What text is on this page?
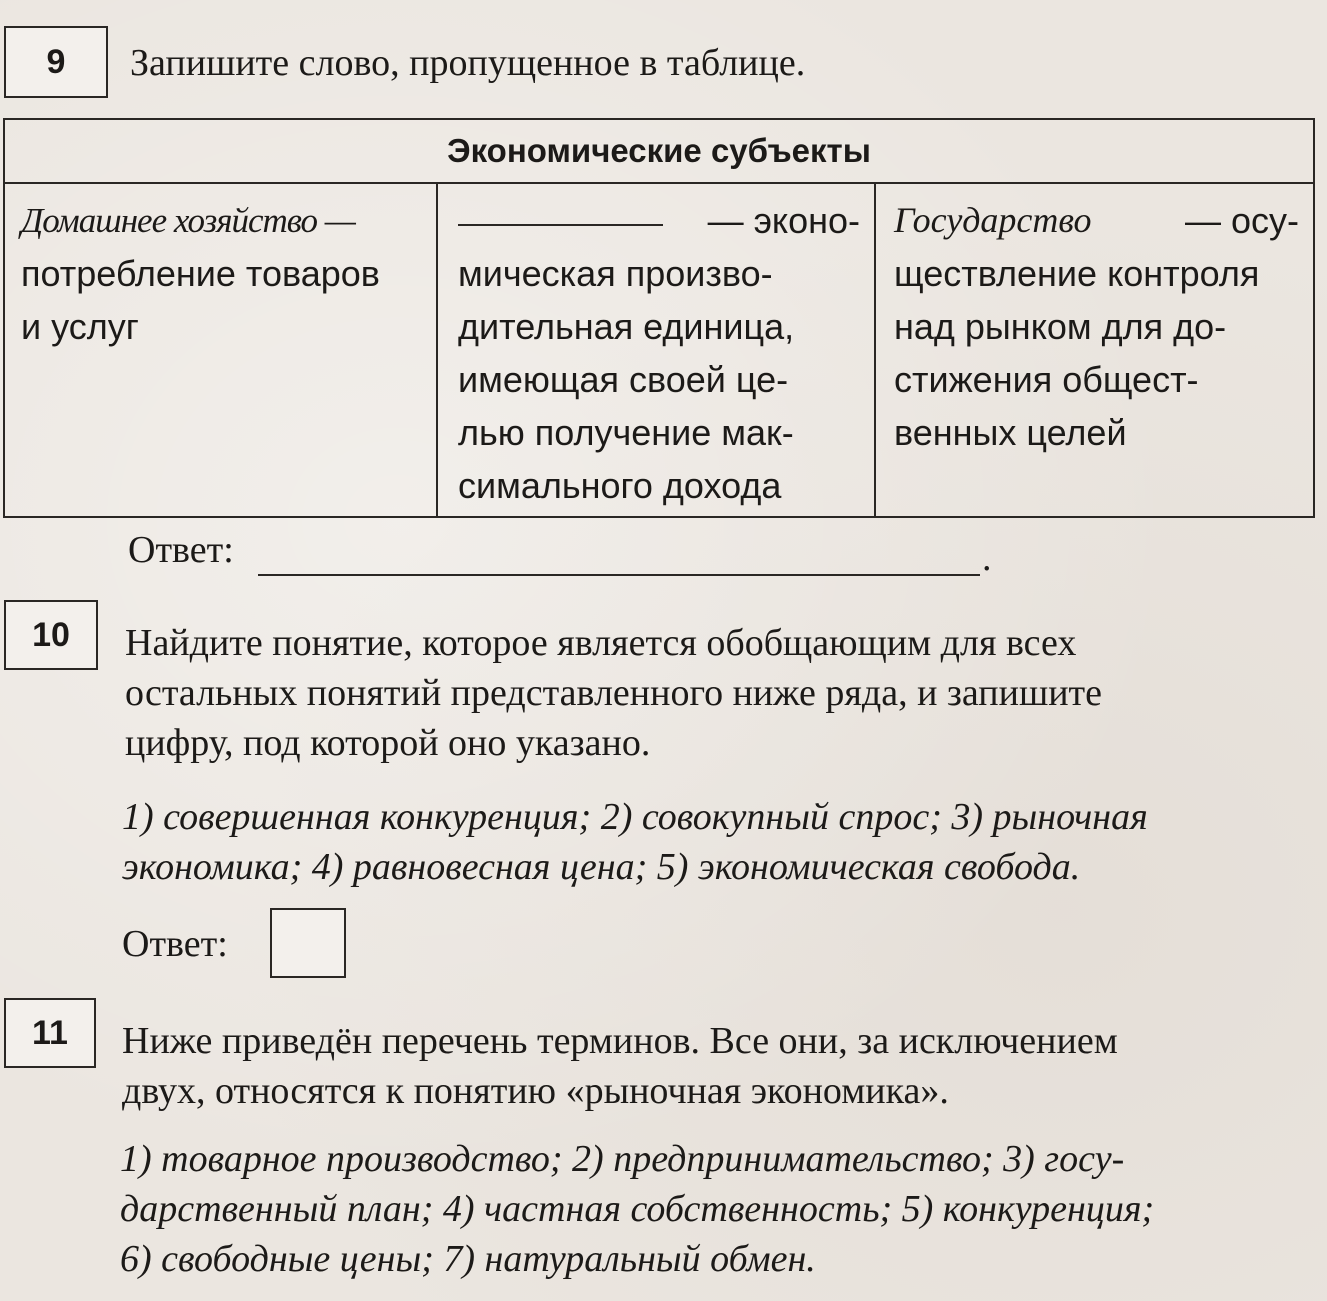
9	Запишите слово, пропущенное в таблице.
Экономические субъекты

Домашнее хозяйство —
потребление товаров
и услуг

— эконо-
мическая произво-
дительная единица,
имеющая своей це-
лью получение мак-
симального дохода

Государство	— осу-
ществление контроля
над рынком для до-
стижения общест-
венных целей
Ответ:	.
10	Найдите понятие, которое является обобщающим для всех
остальных понятий представленного ниже ряда, и запишите
цифру, под которой оно указано.
1) совершенная конкуренция; 2) совокупный спрос; 3) рыночная
экономика; 4) равновесная цена; 5) экономическая свобода.
Ответ:
11	Ниже приведён перечень терминов. Все они, за исключением
двух, относятся к понятию «рыночная экономика».
1) товарное производство; 2) предпринимательство; 3) госу-
дарственный план; 4) частная собственность; 5) конкуренция;
6) свободные цены; 7) натуральный обмен.
